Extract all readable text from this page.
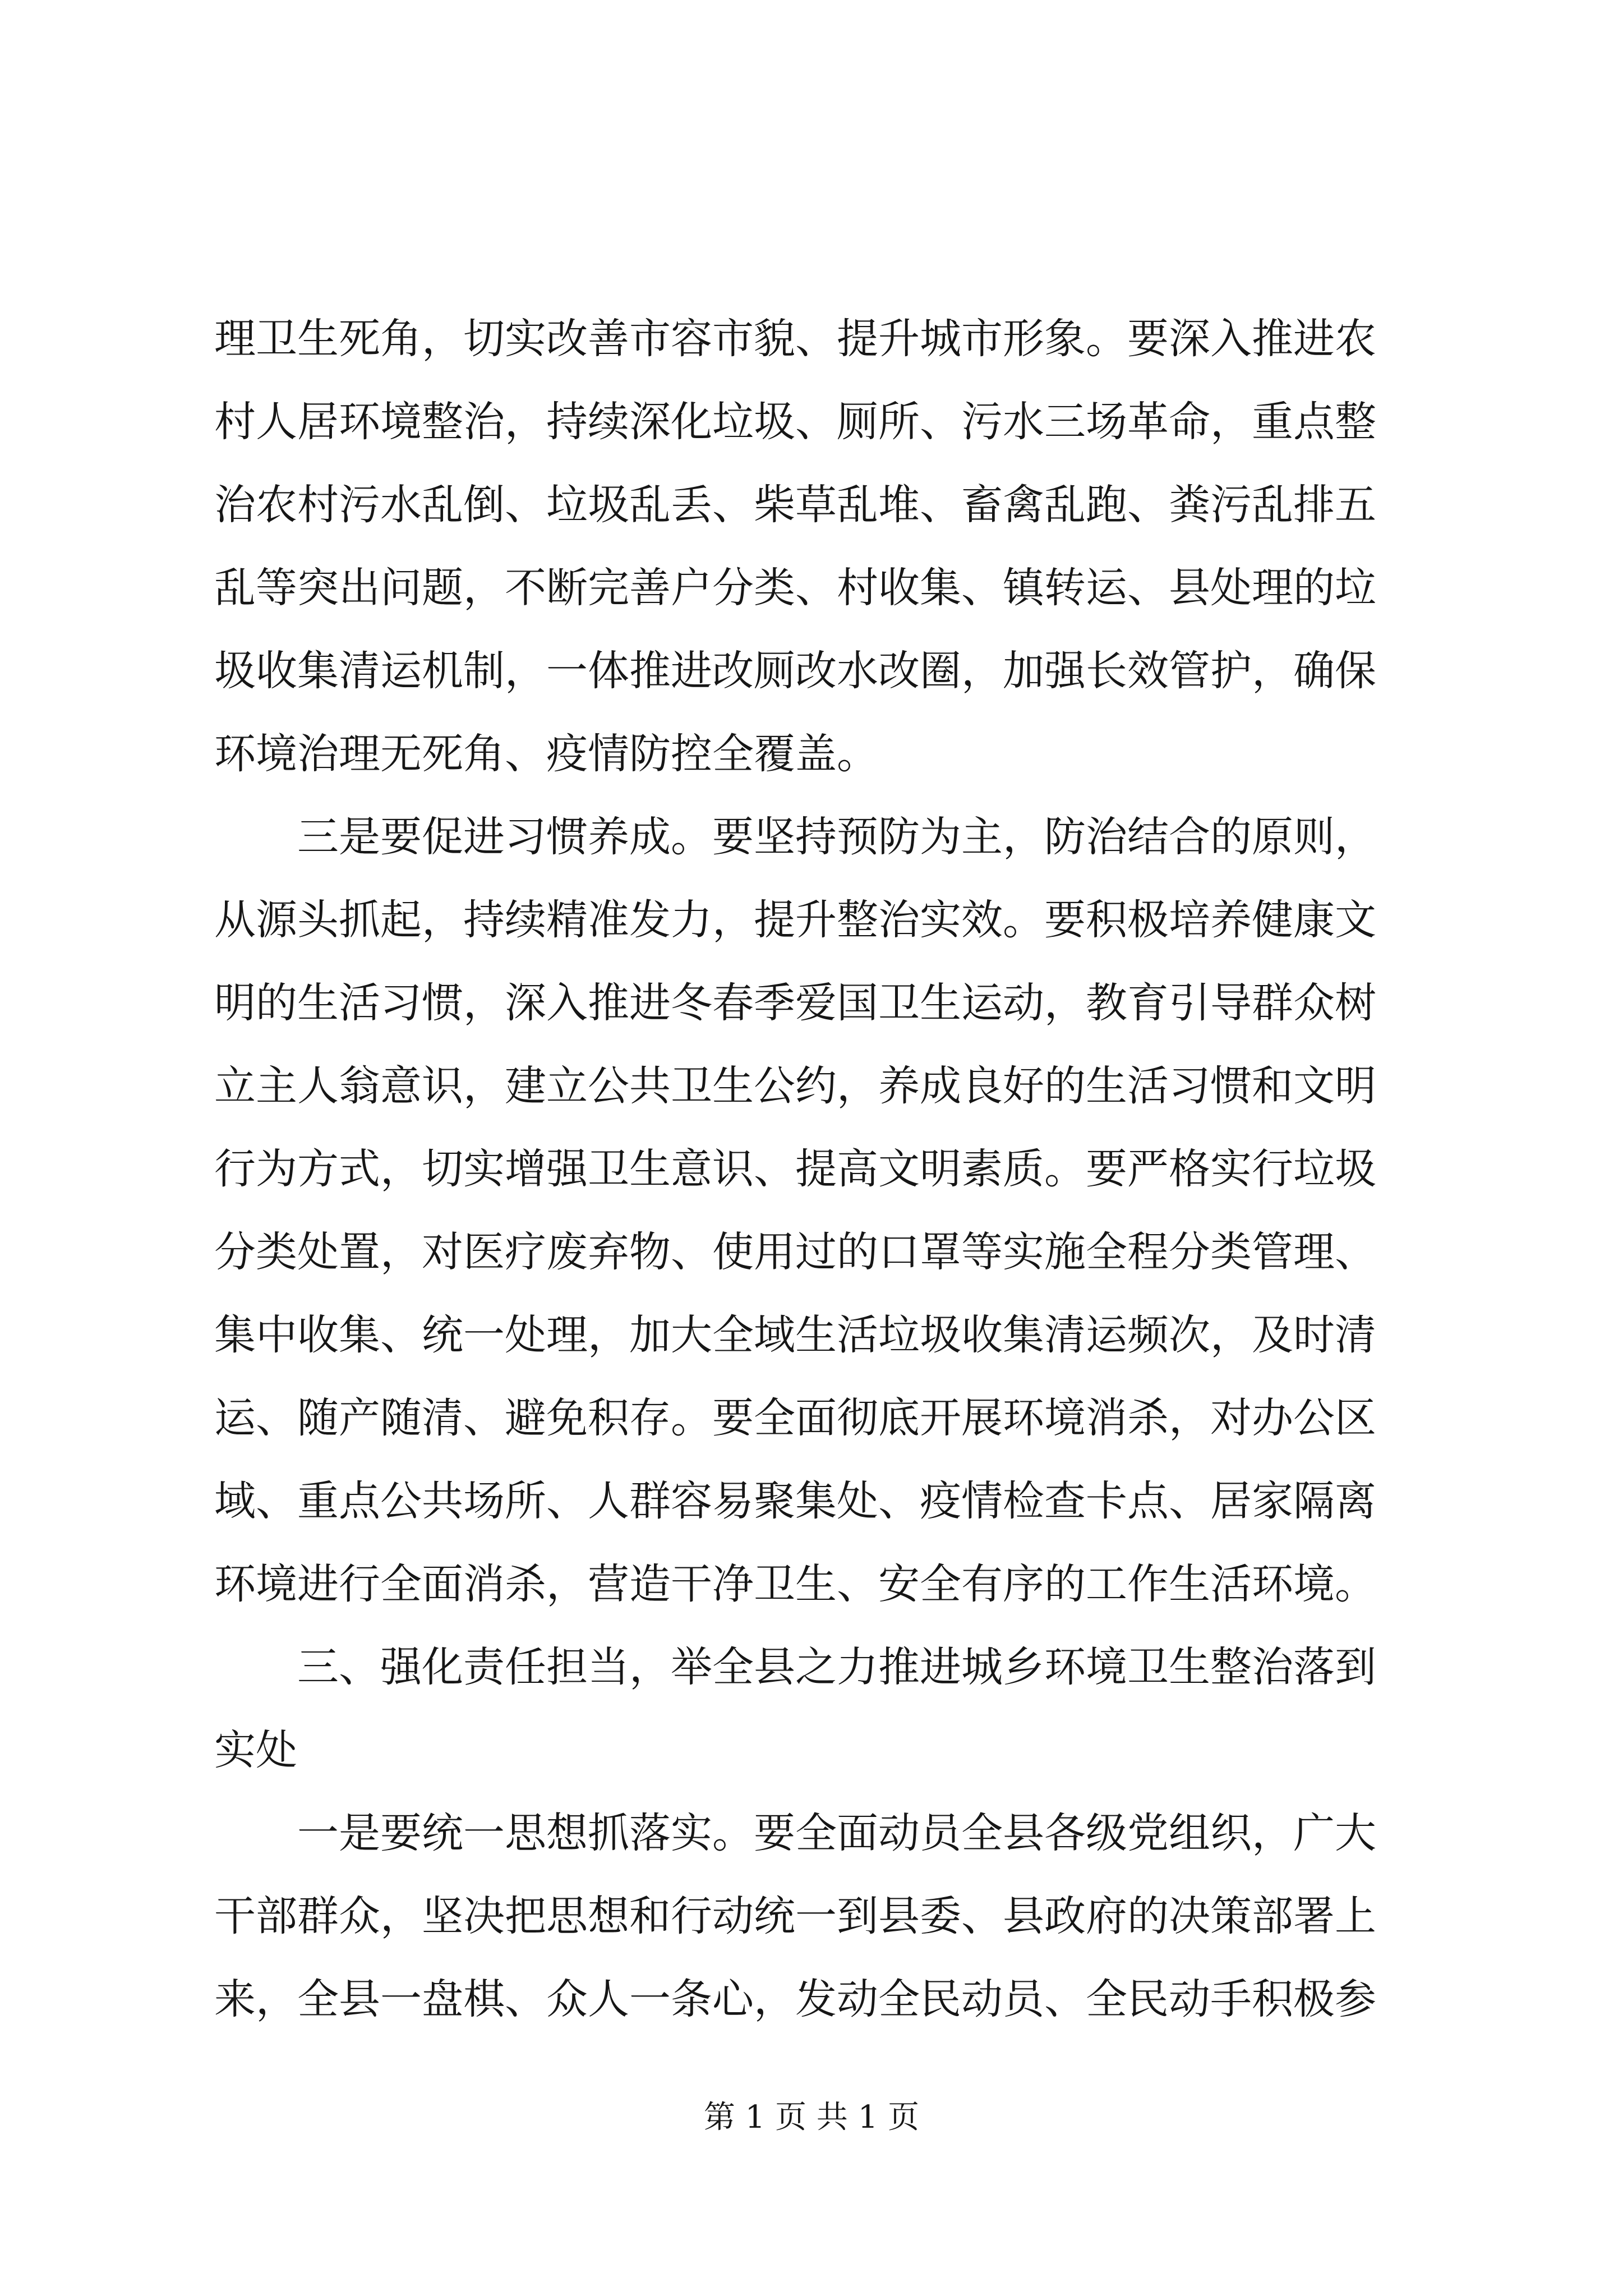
理卫生死角，切实改善市容市貌、提升城市形象。要深入推进农
村人居环境整治，持续深化垃圾、厕所、污水三场革命，重点整
治农村污水乱倒、垃圾乱丢、柴草乱堆、畜禽乱跑、粪污乱排五
乱等突出问题，不断完善户分类、村收集、镇转运、县处理的垃
圾收集清运机制，一体推进改厕改水改圈，加强长效管护，确保
环境治理无死角、疫情防控全覆盖。
三是要促进习惯养成。要坚持预防为主，防治结合的原则，
从源头抓起，持续精准发力，提升整治实效。要积极培养健康文
明的生活习惯，深入推进冬春季爱国卫生运动，教育引导群众树
立主人翁意识，建立公共卫生公约，养成良好的生活习惯和文明
行为方式，切实增强卫生意识、提高文明素质。要严格实行垃圾
分类处置，对医疗废弃物、使用过的口罩等实施全程分类管理、
集中收集、统一处理，加大全域生活垃圾收集清运频次，及时清
运、随产随清、避免积存。要全面彻底开展环境消杀，对办公区
域、重点公共场所、人群容易聚集处、疫情检查卡点、居家隔离
环境进行全面消杀，营造干净卫生、安全有序的工作生活环境。
三、强化责任担当，举全县之力推进城乡环境卫生整治落到
实处
一是要统一思想抓落实。要全面动员全县各级党组织，广大
干部群众，坚决把思想和行动统一到县委、县政府的决策部署上
来，全县一盘棋、众人一条心，发动全民动员、全民动手积极参
第 1 页 共 1 页
